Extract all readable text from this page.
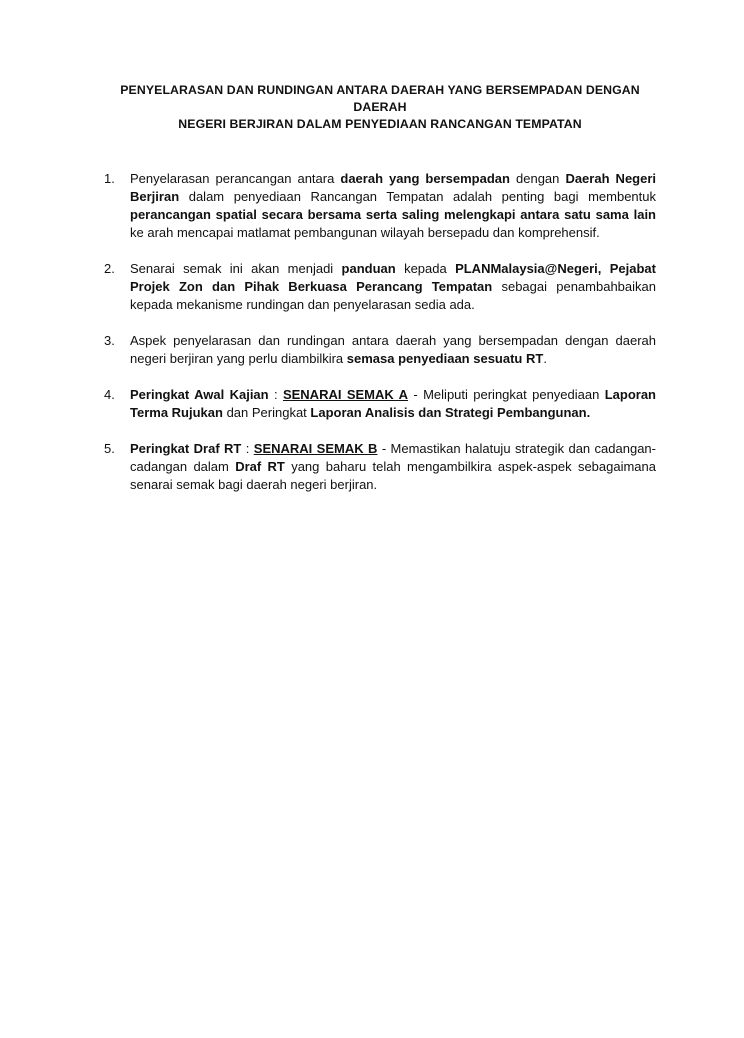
PENYELARASAN DAN RUNDINGAN ANTARA DAERAH YANG BERSEMPADAN DENGAN DAERAH
NEGERI BERJIRAN DALAM PENYEDIAAN RANCANGAN TEMPATAN
1.	Penyelarasan perancangan antara daerah yang bersempadan dengan Daerah Negeri Berjiran dalam penyediaan Rancangan Tempatan adalah penting bagi membentuk perancangan spatial secara bersama serta saling melengkapi antara satu sama lain ke arah mencapai matlamat pembangunan wilayah bersepadu dan komprehensif.
2.	Senarai semak ini akan menjadi panduan kepada PLANMalaysia@Negeri, Pejabat Projek Zon dan Pihak Berkuasa Perancang Tempatan sebagai penambahbaikan kepada mekanisme rundingan dan penyelarasan sedia ada.
3.	Aspek penyelarasan dan rundingan antara daerah yang bersempadan dengan daerah negeri berjiran yang perlu diambilkira semasa penyediaan sesuatu RT.
4.	Peringkat Awal Kajian : SENARAI SEMAK A - Meliputi peringkat penyediaan Laporan Terma Rujukan dan Peringkat Laporan Analisis dan Strategi Pembangunan.
5.	Peringkat Draf RT : SENARAI SEMAK B - Memastikan halatuju strategik dan cadangan-cadangan dalam Draf RT yang baharu telah mengambilkira aspek-aspek sebagaimana senarai semak bagi daerah negeri berjiran.
